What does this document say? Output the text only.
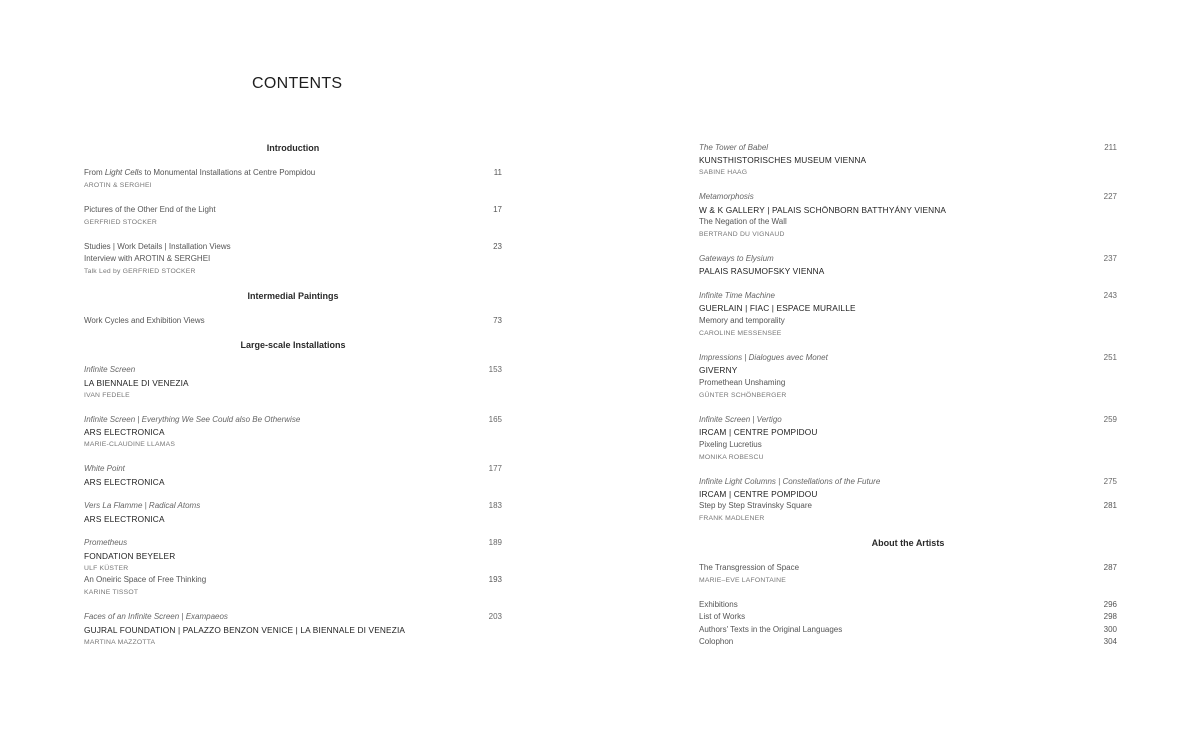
CONTENTS
Introduction
From Light Cells to Monumental Installations at Centre Pompidou	11
AROTIN & SERGHEI
Pictures of the Other End of the Light	17
GERFRIED STOCKER
Studies | Work Details | Installation Views	23
Interview with AROTIN & SERGHEI
Talk Led by GERFRIED STOCKER
Intermedial Paintings
Work Cycles and Exhibition Views	73
Large-scale Installations
Infinite Screen	153
LA BIENNALE DI VENEZIA
IVAN FEDELE
Infinite Screen | Everything We See Could also Be Otherwise	165
ARS ELECTRONICA
MARIE-CLAUDINE LLAMAS
White Point	177
ARS ELECTRONICA
Vers La Flamme | Radical Atoms	183
ARS ELECTRONICA
Prometheus	189
FONDATION BEYELER
ULF KÜSTER
An Oneiric Space of Free Thinking	193
KARINE TISSOT
Faces of an Infinite Screen | Exampaeos	203
GUJRAL FOUNDATION | PALAZZO BENZON VENICE | LA BIENNALE DI VENEZIA
MARTINA MAZZOTTA
The Tower of Babel	211
KUNSTHISTORISCHES MUSEUM VIENNA
SABINE HAAG
Metamorphosis	227
W & K GALLERY | PALAIS SCHÖNBORN BATTHYÁNY VIENNA
The Negation of the Wall
BERTRAND DU VIGNAUD
Gateways to Elysium	237
PALAIS RASUMOFSKY VIENNA
Infinite Time Machine	243
GUERLAIN | FIAC | ESPACE MURAILLE
Memory and temporality
CAROLINE MESSENSEE
Impressions | Dialogues avec Monet	251
GIVERNY
Promethean Unshaming
GÜNTER SCHÖNBERGER
Infinite Screen | Vertigo	259
IRCAM | CENTRE POMPIDOU
Pixeling Lucretius
MONIKA ROBESCU
Infinite Light Columns | Constellations of the Future	275
IRCAM | CENTRE POMPIDOU
Step by Step Stravinsky Square	281
FRANK MADLENER
About the Artists
The Transgression of Space	287
MARIE–EVE LAFONTAINE
Exhibitions	296
List of Works	298
Authors' Texts in the Original Languages	300
Colophon	304
